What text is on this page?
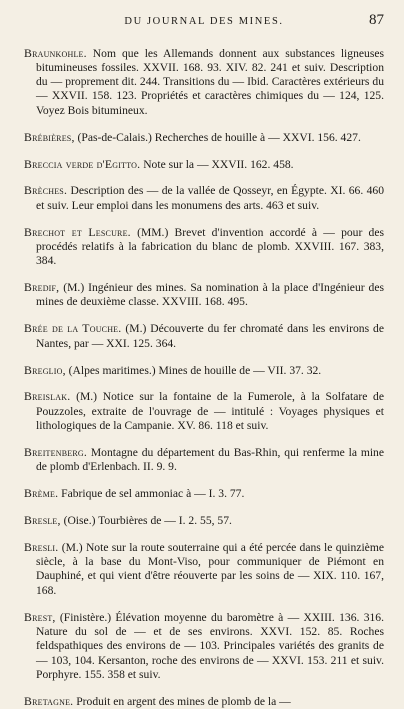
DU JOURNAL DES MINES.	87

Braunkohle. Nom que les Allemands donnent aux substances ligneuses bitumineuses fossiles. XXVII. 168. 93. XIV. 82. 241 et suiv. Description du — proprement dit. 244. Transitions du — Ibid. Caractères extérieurs du — XXVII. 158. 123. Propriétés et caractères chimiques du — 124, 125. Voyez Bois bitumineux.

Brébières, (Pas-de-Calais.) Recherches de houille à — XXVI. 156. 427.

Breccia verde d'Egitto. Note sur la — XXVII. 162. 458.

Brèches. Description des — de la vallée de Qosseyr, en Égypte. XI. 66. 460 et suiv. Leur emploi dans les monumens des arts. 463 et suiv.

Brechot et Lescure. (MM.) Brevet d'invention accordé à — pour des procédés relatifs à la fabrication du blanc de plomb. XXVIII. 167. 383, 384.

Bredif, (M.) Ingénieur des mines. Sa nomination à la place d'Ingénieur des mines de deuxième classe. XXVIII. 168. 495.

Brée de la Touche. (M.) Découverte du fer chromaté dans les environs de Nantes, par — XXI. 125. 364.

Breglio, (Alpes maritimes.) Mines de houille de — VII. 37. 32.

Breislak. (M.) Notice sur la fontaine de la Fumerole, à la Solfatare de Pouzzoles, extraite de l'ouvrage de — intitulé : Voyages physiques et lithologiques de la Campanie. XV. 86. 118 et suiv.

Breitenberg. Montagne du département du Bas-Rhin, qui renferme la mine de plomb d'Erlenbach. II. 9. 9.

Brème. Fabrique de sel ammoniac à — I. 3. 77.

Bresle, (Oise.) Tourbières de — I. 2. 55, 57.

Bresli. (M.) Note sur la route souterraine qui a été percée dans le quinzième siècle, à la base du Mont-Viso, pour communiquer de Piémont en Dauphiné, et qui vient d'être réouverte par les soins de — XIX. 110. 167, 168.

Brest, (Finistère.) Élévation moyenne du baromètre à — XXIII. 136. 316. Nature du sol de — et de ses environs. XXVI. 152. 85. Roches feldspathiques des environs de — 103. Principales variétés des granits de — 103, 104. Kersanton, roche des environs de — XXVI. 153. 211 et suiv. Porphyre. 155. 358 et suiv.

Bretagne. Produit en argent des mines de plomb de la —
